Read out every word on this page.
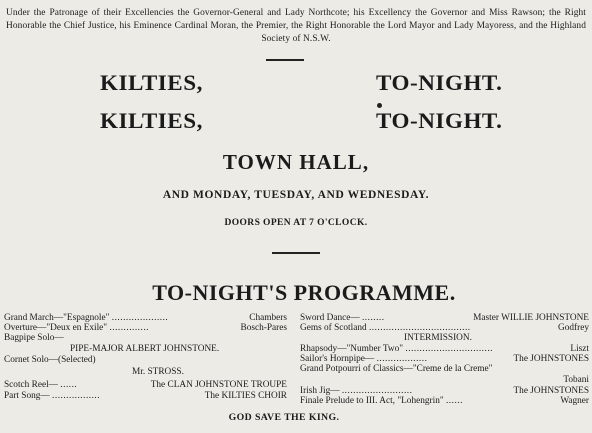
Under the Patronage of their Excellencies the Governor-General and Lady Northcote; his Excellency the Governor and Miss Rawson; the Right Honorable the Chief Justice, his Eminence Cardinal Moran, the Premier, the Right Honorable the Lord Mayor and Lady Mayoress, and the Highland Society of N.S.W.
KILTIES,
KILTIES,
TO-NIGHT.
TO-NIGHT.
TOWN HALL,
AND MONDAY, TUESDAY, AND WEDNESDAY.
DOORS OPEN AT 7 O'CLOCK.
TO-NIGHT'S PROGRAMME.
Grand March—"Espagnole" ....................	Chambers
Overture—"Deux en Exile" ..............	Bosch-Pares
Bagpipe Solo—
PIPE-MAJOR ALBERT JOHNSTONE.
Cornet Solo—(Selected)
Mr. STROSS.
Scotch Reel— ......	The CLAN JOHNSTONE TROUPE
Part Song— .................	The KILTIES CHOIR
Sword Dance— ........	Master WILLIE JOHNSTONE
Gems of Scotland ....................................	Godfrey
INTERMISSION.
Rhapsody—"Number Two" ...............................	Liszt
Sailor's Hornpipe— ..................	The JOHNSTONES
Grand Potpourri of Classics—"Creme de la Creme"
Tobani
Irish Jig— .........................	The JOHNSTONES
Finale Prelude to III. Act, "Lohengrin" ......	Wagner
GOD SAVE THE KING.
